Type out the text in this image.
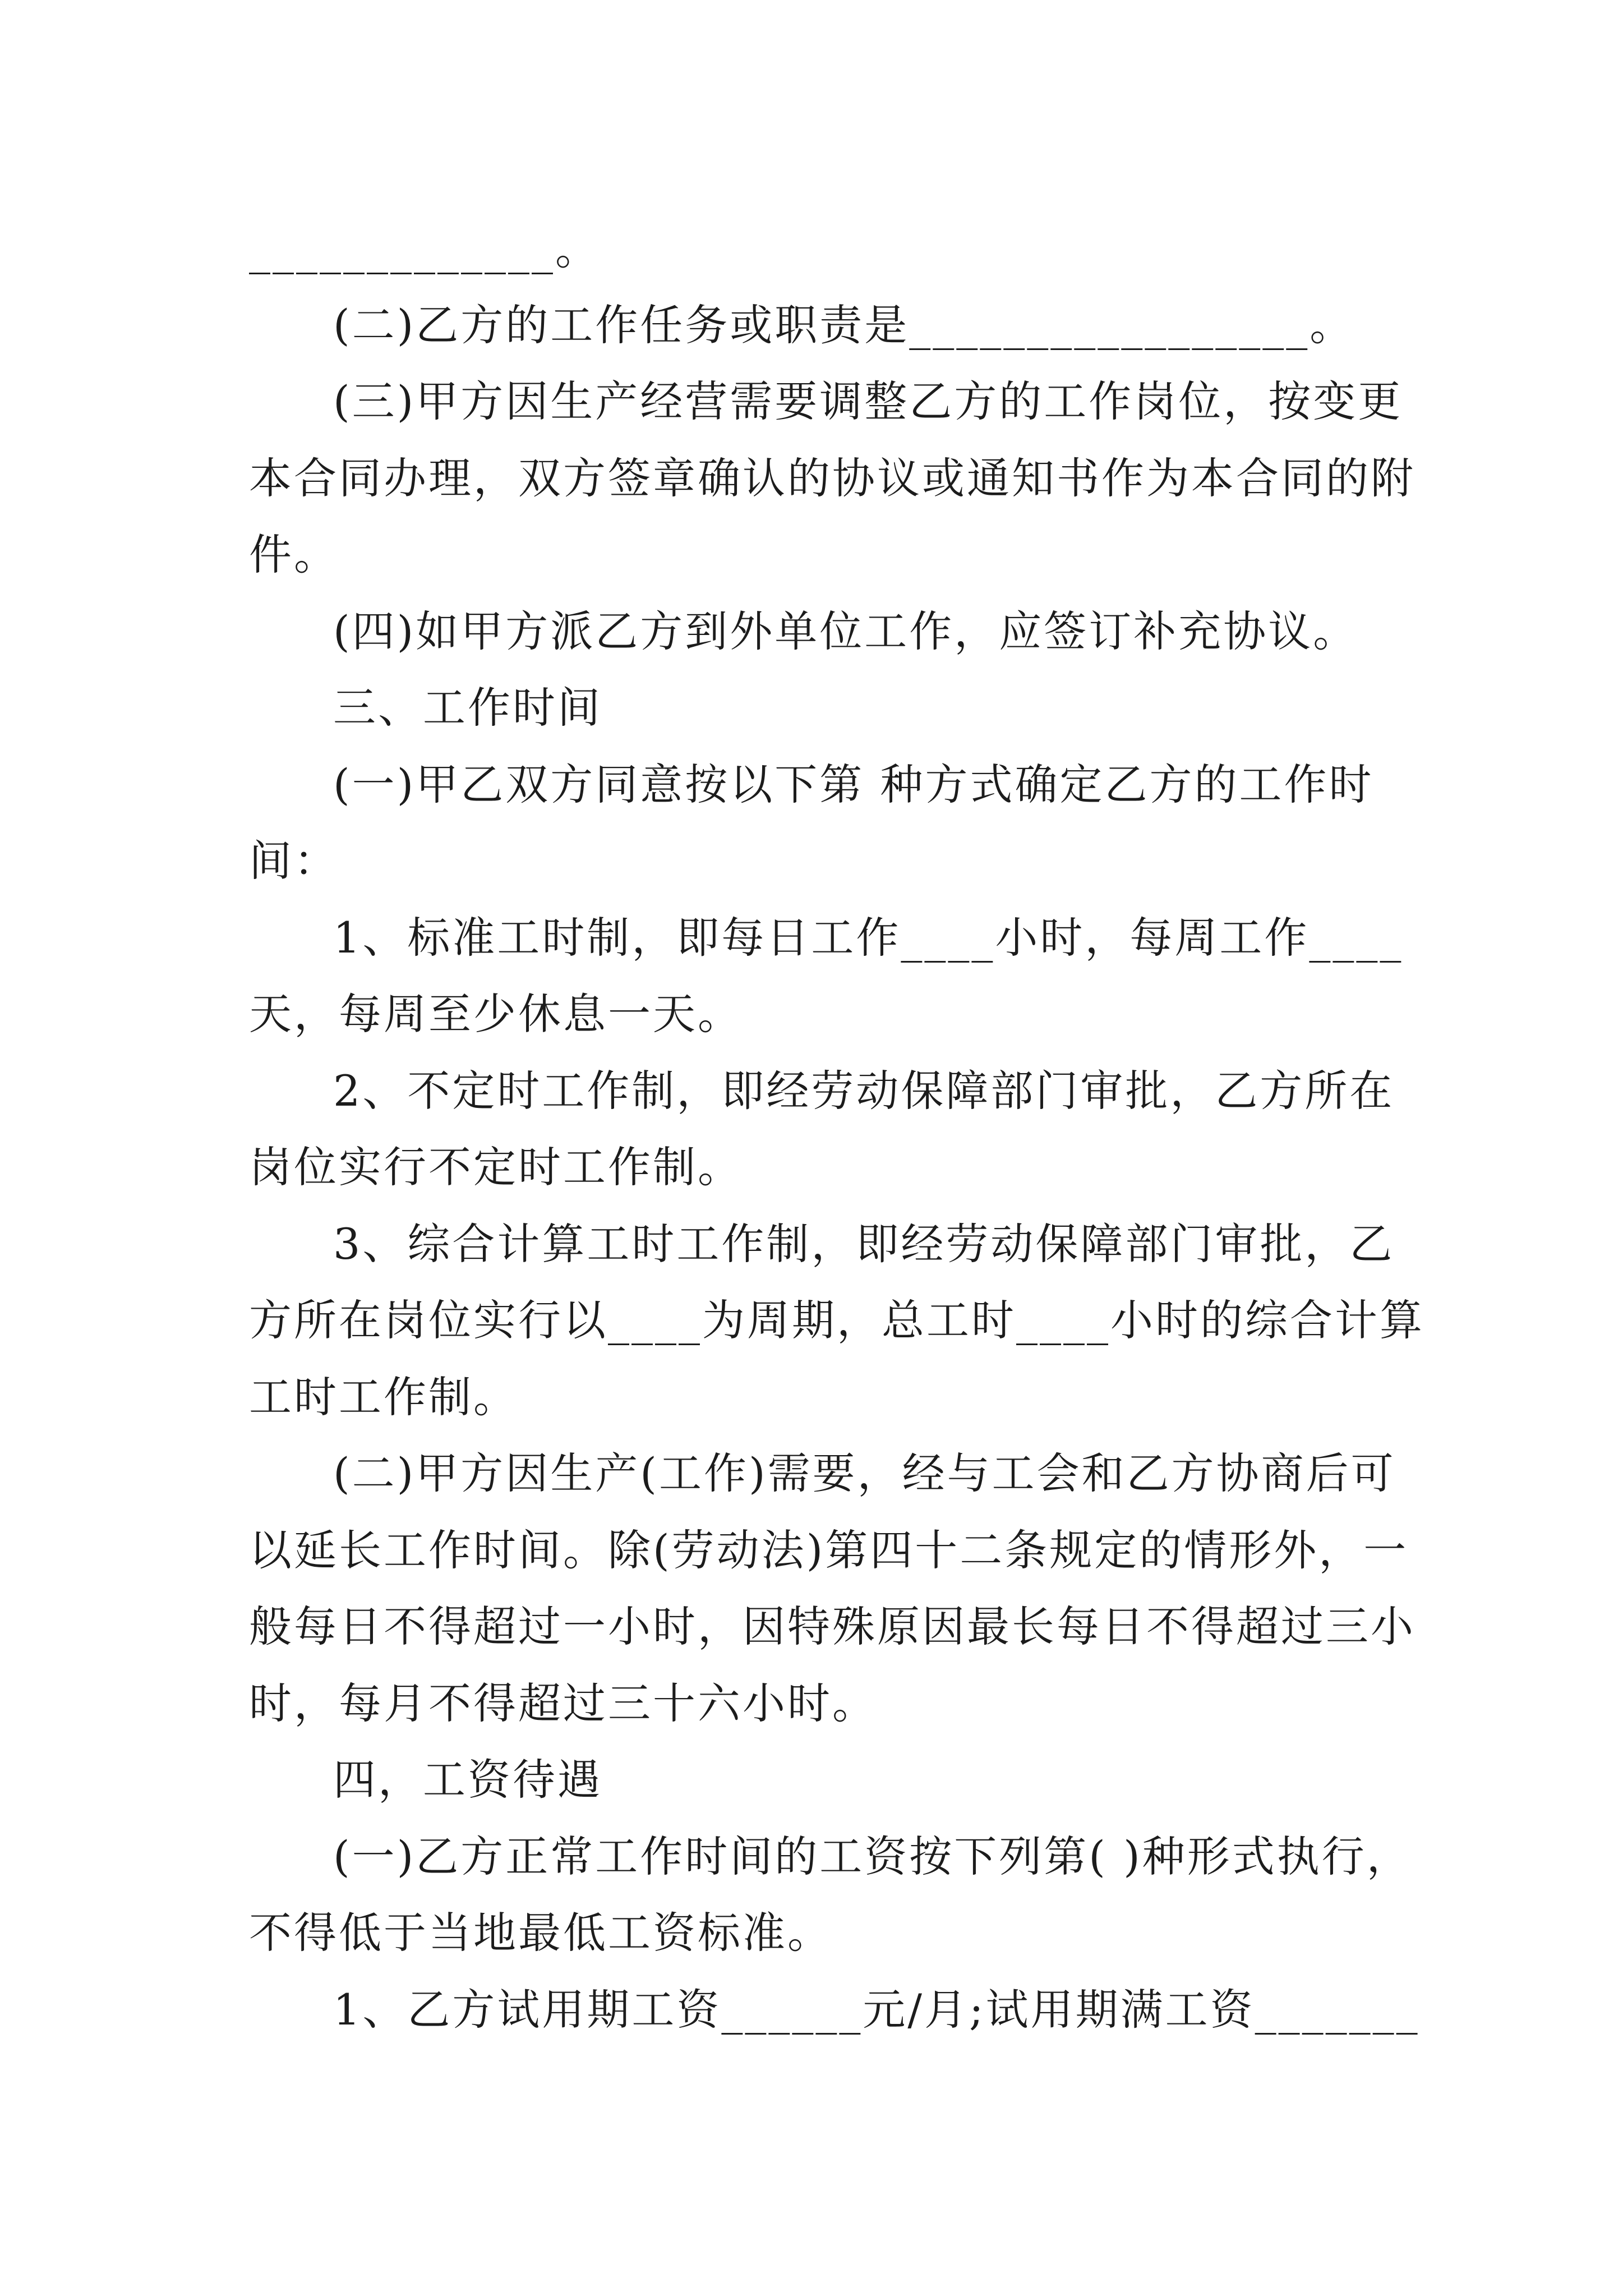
_____________。
(二)乙方的工作任务或职责是_________________。
(三)甲方因生产经营需要调整乙方的工作岗位，按变更
本合同办理，双方签章确认的协议或通知书作为本合同的附
件。
(四)如甲方派乙方到外单位工作，应签订补充协议。
三、工作时间
(一)甲乙双方同意按以下第 种方式确定乙方的工作时
间：
1、标准工时制，即每日工作____小时，每周工作____
天，每周至少休息一天。
2、不定时工作制，即经劳动保障部门审批，乙方所在
岗位实行不定时工作制。
3、综合计算工时工作制，即经劳动保障部门审批，乙
方所在岗位实行以____为周期，总工时____小时的综合计算
工时工作制。
(二)甲方因生产(工作)需要，经与工会和乙方协商后可
以延长工作时间。除(劳动法)第四十二条规定的情形外，一
般每日不得超过一小时，因特殊原因最长每日不得超过三小
时，每月不得超过三十六小时。
四，工资待遇
(一)乙方正常工作时间的工资按下列第( )种形式执行，
不得低于当地最低工资标准。
1、乙方试用期工资______元/月;试用期满工资_______
